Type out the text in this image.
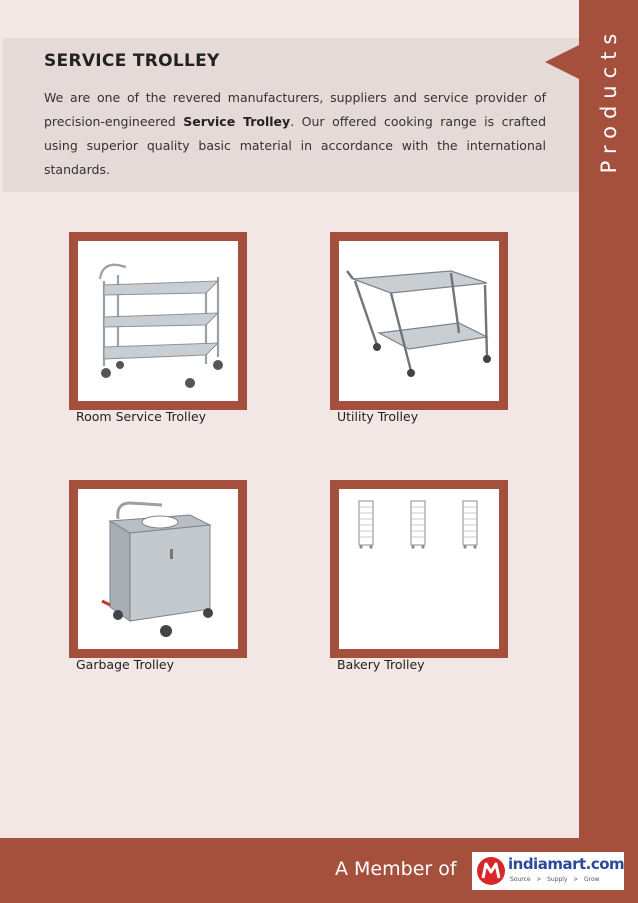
Products
SERVICE TROLLEY

We are one of the revered manufacturers, suppliers and service provider of precision-engineered Service Trolley. Our offered cooking range is crafted using superior quality basic material in accordance with the international standards.

Room Service Trolley	Utility Trolley
Garbage Trolley	Bakery Trolley
A Member of	indiamart.com
Source   >   Supply   >   Grow
